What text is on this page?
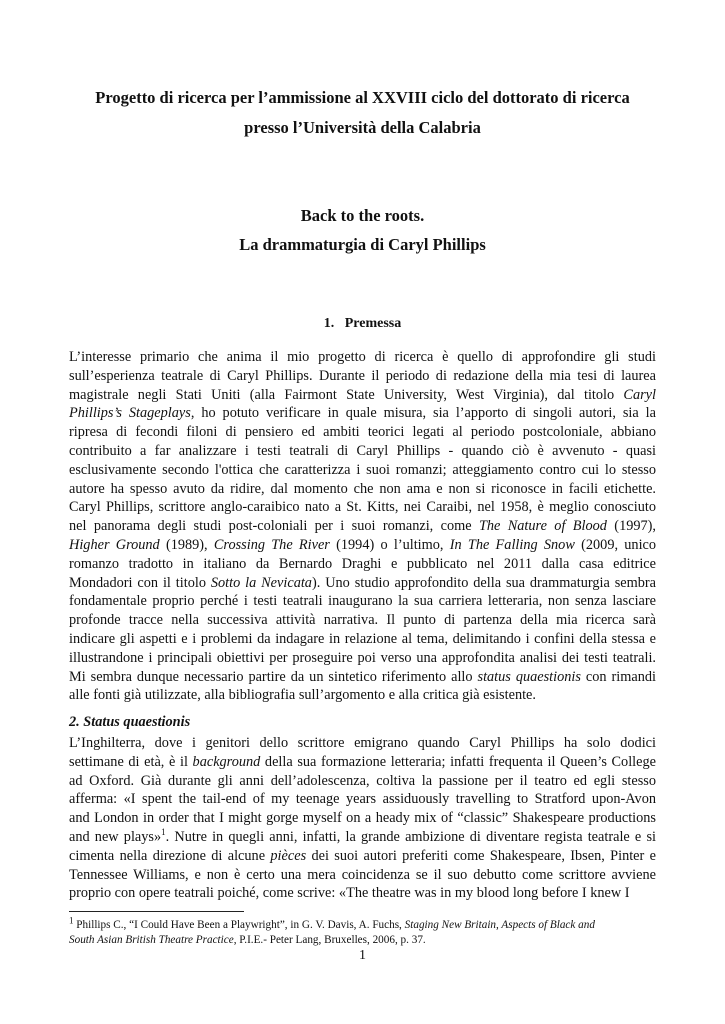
Progetto di ricerca per l’ammissione al XXVIII ciclo del dottorato di ricerca
presso l’Università della Calabria
Back to the roots.
La drammaturgia di Caryl Phillips
1.   Premessa
L’interesse primario che anima il mio progetto di ricerca è quello di approfondire gli studi
sull’esperienza teatrale di Caryl Phillips. Durante il periodo di redazione della mia tesi di laurea
magistrale negli Stati Uniti (alla Fairmont State University, West Virginia), dal titolo Caryl
Phillips’s Stageplays, ho potuto verificare in quale misura, sia l’apporto di singoli autori, sia la
ripresa di fecondi filoni di pensiero ed ambiti teorici legati al periodo postcoloniale, abbiano
contribuito a far analizzare i testi teatrali di Caryl Phillips - quando ciò è avvenuto - quasi
esclusivamente secondo l'ottica che caratterizza i suoi romanzi; atteggiamento contro cui lo stesso
autore ha spesso avuto da ridire, dal momento che non ama e non si riconosce in facili etichette.
Caryl Phillips, scrittore anglo-caraibico nato a St. Kitts, nei Caraibi, nel 1958, è meglio conosciuto
nel panorama degli studi post-coloniali per i suoi romanzi, come The Nature of Blood (1997),
Higher Ground (1989), Crossing The River (1994) o l’ultimo, In The Falling Snow (2009, unico
romanzo tradotto in italiano da Bernardo Draghi e pubblicato nel 2011 dalla casa editrice
Mondadori con il titolo Sotto la Nevicata). Uno studio approfondito della sua drammaturgia sembra
fondamentale proprio perché i testi teatrali inaugurano la sua carriera letteraria, non senza lasciare
profonde tracce nella successiva attività narrativa. Il punto di partenza della mia ricerca sarà
indicare gli aspetti e i problemi da indagare in relazione al tema, delimitando i confini della stessa e
illustrandone i principali obiettivi per proseguire poi verso una approfondita analisi dei testi teatrali.
Mi sembra dunque necessario partire da un sintetico riferimento allo status quaestionis con rimandi
alle fonti già utilizzate, alla bibliografia sull’argomento e alla critica già esistente.
2. Status quaestionis
L’Inghilterra, dove i genitori dello scrittore emigrano quando Caryl Phillips ha solo dodici
settimane di età, è il background della sua formazione letteraria; infatti frequenta il Queen’s College
ad Oxford. Già durante gli anni dell’adolescenza, coltiva la passione per il teatro ed egli stesso
afferma: «I spent the tail-end of my teenage years assiduously travelling to Stratford upon-Avon
and London in order that I might gorge myself on a heady mix of “classic” Shakespeare productions
and new plays»$^1$. Nutre in quegli anni, infatti, la grande ambizione di diventare regista teatrale e si
cimenta nella direzione di alcune pièces dei suoi autori preferiti come Shakespeare, Ibsen, Pinter e
Tennessee Williams, e non è certo una mera coincidenza se il suo debutto come scrittore avviene
proprio con opere teatrali poiché, come scrive: «The theatre was in my blood long before I knew I
$^1$ Phillips C., “I Could Have Been a Playwright”, in G. V. Davis, A. Fuchs, Staging New Britain, Aspects of Black and
South Asian British Theatre Practice, P.I.E.- Peter Lang, Bruxelles, 2006, p. 37.
1
